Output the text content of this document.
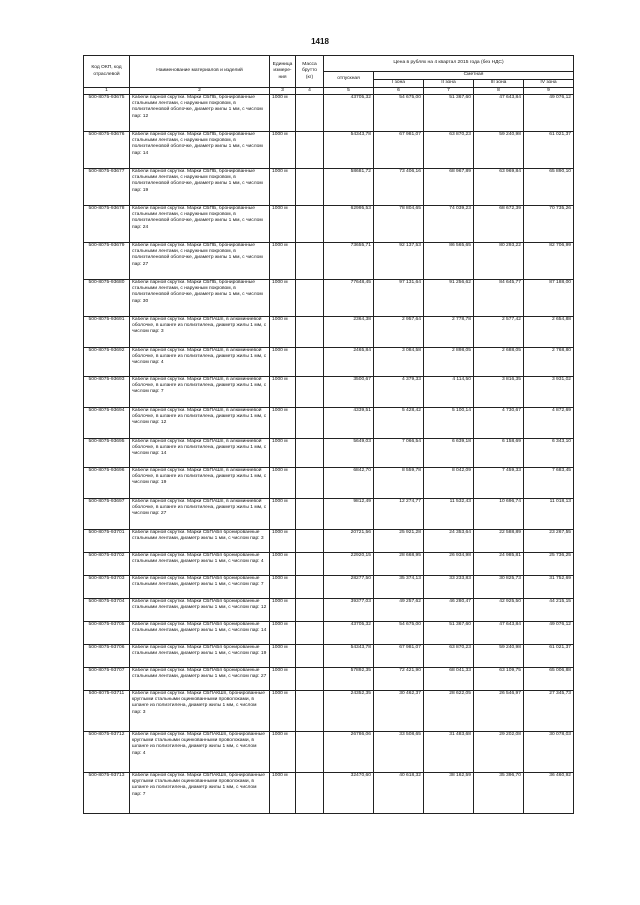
1418
Код ОКП, код отраслевой	Наименование материалов и изделий	Единица измерения	Масса брутто (кг)	Цена в рублях на 4 квартал 2015 года (без НДС)				
				отпускная	Сметная			
					I зона	II зона	III зона	IV зона
1	2	3	4	5	6	7	8	9
500-8075-93675	Кабели парной скрутки. Марки СБПБ, бронированные стальными лентами, с наружным покровом, в полиэтиленовой оболочке, диаметр жилы 1 мм, с числом пар: 12	1000 м		43705,32	54 675,00	51 367,60	47 643,84	49 076,12
500-8075-93676	Кабели парной скрутки. Марки СБПБ, бронированные стальными лентами, с наружным покровом, в полиэтиленовой оболочке, диаметр жилы 1 мм, с числом пар: 14	1000 м		54343,78	67 981,07	63 870,23	59 240,98	61 021,37
500-8075-93677	Кабели парной скрутки. Марки СБПБ, бронированные стальными лентами, с наружным покровом, в полиэтиленовой оболочке, диаметр жилы 1 мм, с числом пар: 19	1000 м		58681,72	73 406,16	68 967,89	63 969,84	65 890,10
500-8075-93678	Кабели парной скрутки. Марки СБПБ, бронированные стальными лентами, с наружным покровом, в полиэтиленовой оболочке, диаметр жилы 1 мм, с числом пар: 24	1000 м		62995,53	78 804,65	74 039,23	68 672,39	70 735,26
500-8075-93679	Кабели парной скрутки. Марки СБПБ, бронированные стальными лентами, с наружным покровом, в полиэтиленовой оболочке, диаметр жилы 1 мм, с числом пар: 27	1000 м		73655,71	92 137,53	86 565,65	80 293,22	82 706,99
500-8075-93680	Кабели парной скрутки. Марки СБПБ, бронированные стальными лентами, с наружным покровом, в полиэтиленовой оболочке, диаметр жилы 1 мм, с числом пар: 30	1000 м		77648,45	97 131,64	91 256,62	84 645,77	87 188,00
500-8075-93691	Кабели парной скрутки. Марки СБПАШп, в алюминиевой оболочке, в шланге из полиэтилена, диаметр жилы 1 мм, с числом пар: 3	1000 м		2364,38	2 957,64	2 778,78	2 577,42	2 654,88
500-8075-93692	Кабели парной скрутки. Марки СБПАШп, в алюминиевой оболочке, в шланге из полиэтилена, диаметр жилы 1 мм, с числом пар: 4	1000 м		2465,84	3 084,58	2 898,05	2 688,05	2 768,80
500-8075-93693	Кабели парной скрутки. Марки СБПАШп, в алюминиевой оболочке, в шланге из полиэтилена, диаметр жилы 1 мм, с числом пар: 7	1000 м		3500,67	4 379,33	4 114,50	3 816,35	3 931,02
500-8075-93694	Кабели парной скрутки. Марки СБПАШп, в алюминиевой оболочке, в шланге из полиэтилена, диаметр жилы 1 мм, с числом пар: 12	1000 м		4339,51	5 428,42	5 100,14	4 730,67	4 872,69
500-8075-93695	Кабели парной скрутки. Марки СБПАШп, в алюминиевой оболочке, в шланге из полиэтилена, диаметр жилы 1 мм, с числом пар: 14	1000 м		5649,03	7 066,54	6 639,18	6 158,69	6 343,10
500-8075-93696	Кабели парной скрутки. Марки СБПАШп, в алюминиевой оболочке, в шланге из полиэтилена, диаметр жилы 1 мм, с числом пар: 19	1000 м		6842,70	8 559,78	8 042,09	7 459,33	7 683,45
500-8075-93697	Кабели парной скрутки. Марки СБПАШп, в алюминиевой оболочке, в шланге из полиэтилена, диаметр жилы 1 мм, с числом пар: 27	1000 м		9812,49	12 274,77	11 532,43	10 696,74	11 018,13
500-8075-93701	Кабели парной скрутки. Марки СБПАБп бронированные стальными лентами, диаметр жилы 1 мм, с числом пар: 3	1000 м		20721,56	25 921,28	24 353,64	22 588,89	23 267,55
500-8075-93702	Кабели парной скрутки. Марки СБПАБп бронированные стальными лентами, диаметр жилы 1 мм, с числом пар: 4	1000 м		22920,15	28 668,95	26 934,98	24 985,81	25 736,25
500-8075-93703	Кабели парной скрутки. Марки СБПАБп бронированные стальными лентами, диаметр жилы 1 мм, с числом пар: 7	1000 м		28277,50	35 374,13	33 233,83	30 825,73	31 752,69
500-8075-93704	Кабели парной скрутки. Марки СБПАБп бронированные стальными лентами, диаметр жилы 1 мм, с числом пар: 12	1000 м		39377,03	49 257,62	46 280,47	42 925,50	44 215,15
500-8075-93705	Кабели парной скрутки. Марки СБПАБп бронированные стальными лентами, диаметр жилы 1 мм, с числом пар: 14	1000 м		43705,32	54 675,00	51 367,60	47 643,84	49 076,12
500-8075-93706	Кабели парной скрутки. Марки СБПАБп бронированные стальными лентами, диаметр жилы 1 мм, с числом пар: 19	1000 м		54343,78	67 981,07	63 870,23	59 240,98	61 021,37
500-8075-93707	Кабели парной скрутки. Марки СБПАБп бронированные стальными лентами, диаметр жилы 1 мм, с числом пар: 27	1000 м		57892,35	72 421,90	68 041,33	63 109,75	65 006,88
500-8075-93711	Кабели парной скрутки. Марки СБПАКШп, бронированные круглыми стальными оцинкованными проволоками, в шланге из полиэтилена, диаметр жилы 1 мм, с числом пар: 3	1000 м		24352,35	30 462,37	28 622,05	26 546,97	27 345,73
500-8075-93712	Кабели парной скрутки. Марки СБПАКШп, бронированные круглыми стальными оцинкованными проволоками, в шланге из полиэтилена, диаметр жилы 1 мм, с числом пар: 4	1000 м		26786,06	33 508,65	31 483,68	29 202,08	30 078,03
500-8075-93713	Кабели парной скрутки. Марки СБПАКШп, бронированные круглыми стальными оцинкованными проволоками, в шланге из полиэтилена, диаметр жилы 1 мм, с числом пар: 7	1000 м		32470,60	40 618,32	38 162,59	35 396,70	36 460,92
